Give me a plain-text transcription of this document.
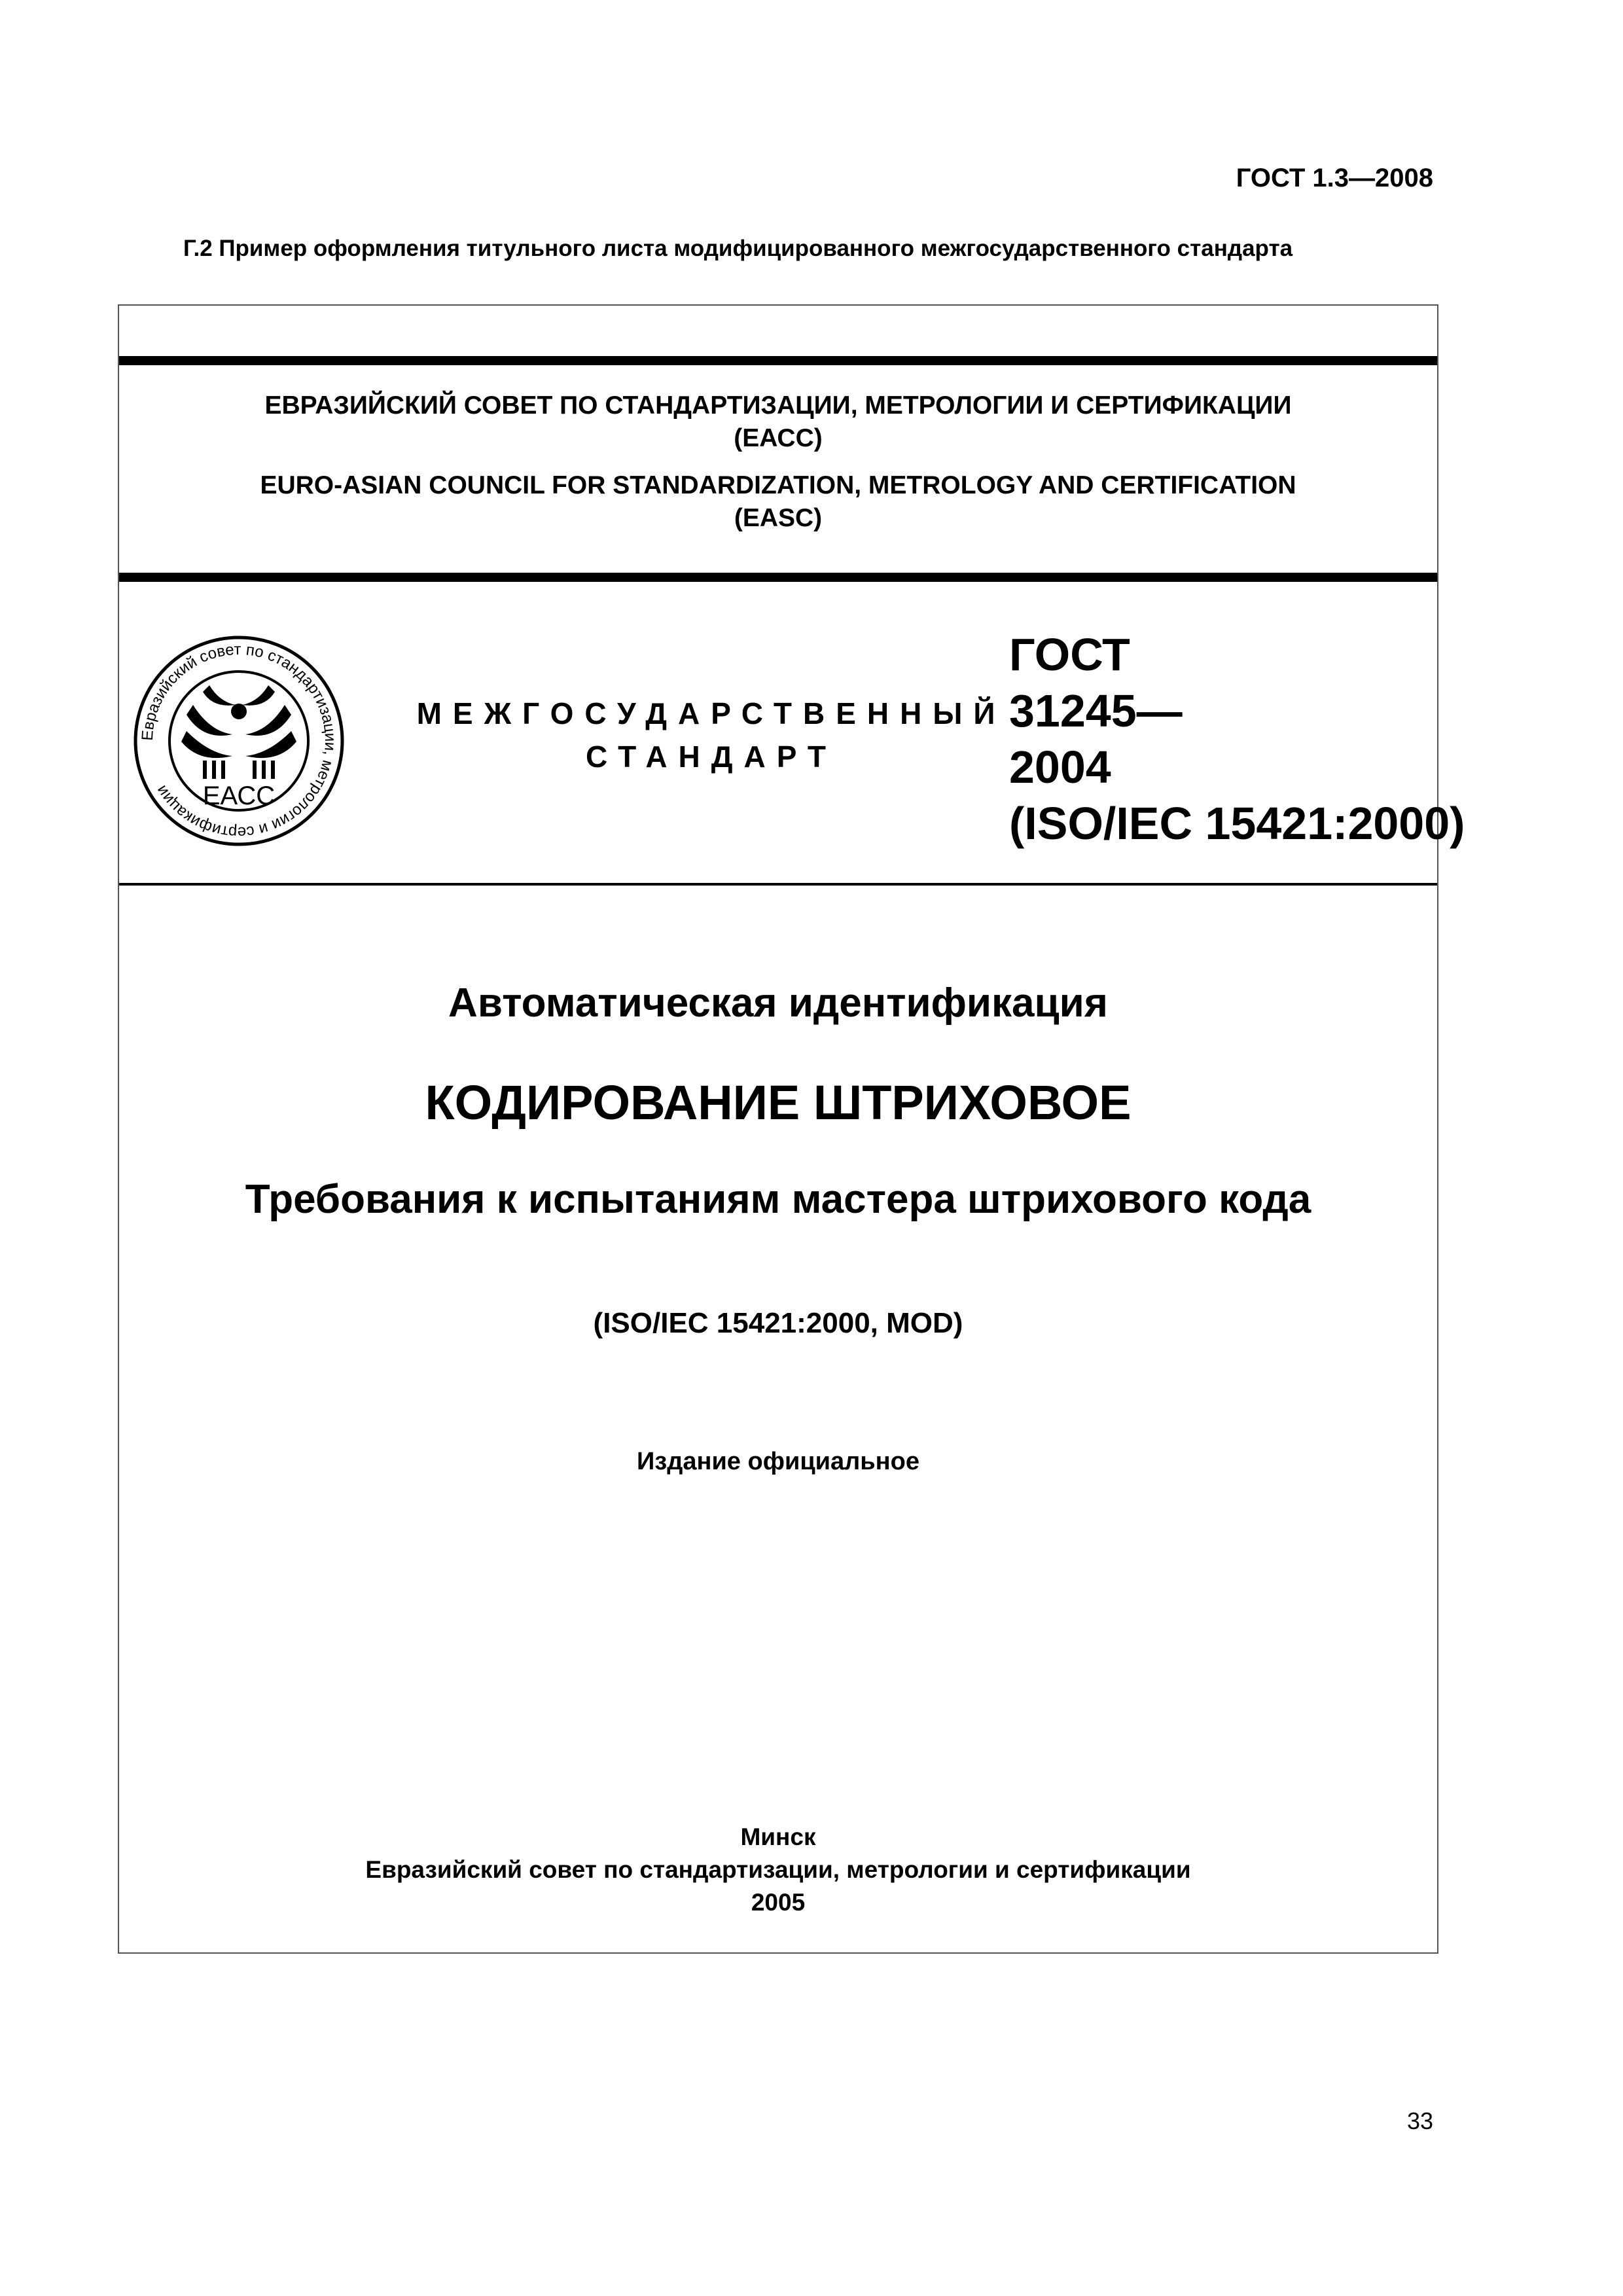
ГОСТ 1.3—2008
Г.2 Пример оформления титульного листа модифицированного межгосударственного стандарта
ЕВРАЗИЙСКИЙ СОВЕТ ПО СТАНДАРТИЗАЦИИ, МЕТРОЛОГИИ И СЕРТИФИКАЦИИ
(ЕАСС)
EURO-ASIAN COUNCIL FOR STANDARDIZATION, METROLOGY AND CERTIFICATION
(EASC)
Евразийский совет по стандартизации, метрологии и сертификации	ЕАСС
МЕЖГОСУДАРСТВЕННЫЙ
СТАНДАРТ
ГОСТ
31245—
2004
(ISO/IEC 15421:2000)
Автоматическая идентификация
КОДИРОВАНИЕ ШТРИХОВОЕ
Требования к испытаниям мастера штрихового кода
(ISO/IEC 15421:2000, MOD)
Издание официальное
Минск
Евразийский совет по стандартизации, метрологии и сертификации
2005
33
